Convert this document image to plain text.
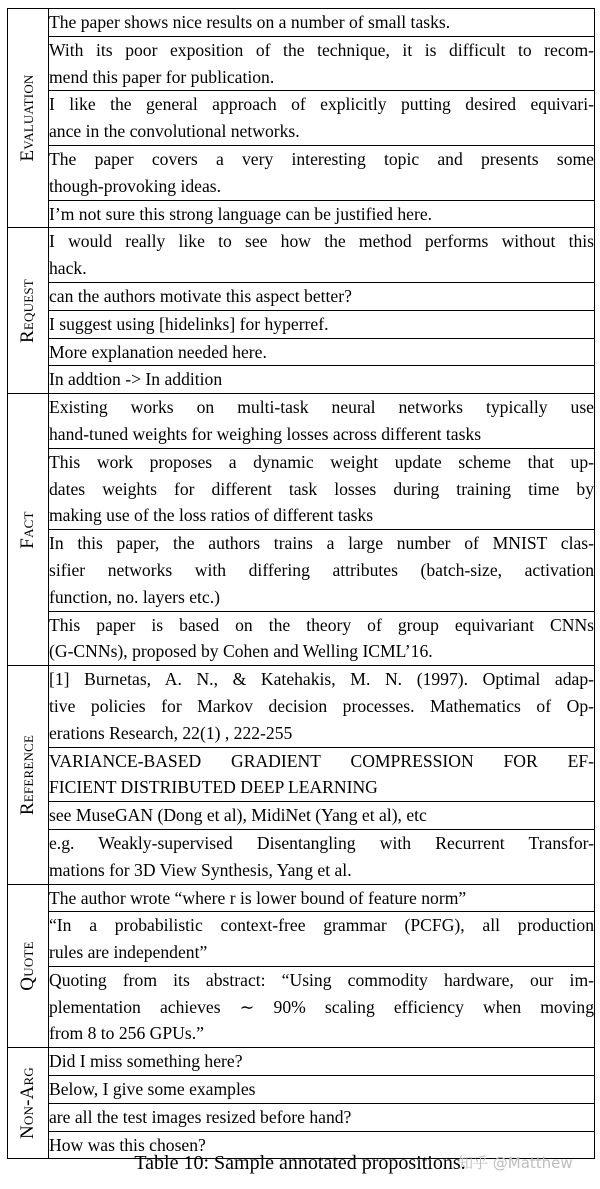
Evaluation	The paper shows nice results on a number of small tasks.

	With its poor exposition of the technique, it is difficult to recom-
mend this paper for publication.

	I like the general approach of explicitly putting desired equivari-
ance in the convolutional networks.

	The paper covers a very interesting topic and presents some
though-provoking ideas.

	I’m not sure this strong language can be justified here.

Request	I would really like to see how the method performs without this
hack.

	can the authors motivate this aspect better?

	I suggest using [hidelinks] for hyperref.

	More explanation needed here.

	In addtion -> In addition

Fact	Existing works on multi-task neural networks typically use
hand-tuned weights for weighing losses across different tasks

	This work proposes a dynamic weight update scheme that up-
dates weights for different task losses during training time by
making use of the loss ratios of different tasks

	In this paper, the authors trains a large number of MNIST clas-
sifier networks with differing attributes (batch-size, activation
function, no. layers etc.)

	This paper is based on the theory of group equivariant CNNs
(G-CNNs), proposed by Cohen and Welling ICML’16.

Reference	[1] Burnetas, A. N., & Katehakis, M. N. (1997). Optimal adap-
tive policies for Markov decision processes. Mathematics of Op-
erations Research, 22(1) , 222-255

	VARIANCE-BASED GRADIENT COMPRESSION FOR EF-
FICIENT DISTRIBUTED DEEP LEARNING

	see MuseGAN (Dong et al), MidiNet (Yang et al), etc

	e.g. Weakly-supervised Disentangling with Recurrent Transfor-
mations for 3D View Synthesis, Yang et al.

Quote	The author wrote “where r is lower bound of feature norm”

	“In a probabilistic context-free grammar (PCFG), all production
rules are independent”

	Quoting from its abstract: “Using commodity hardware, our im-
plementation achieves ∼ 90% scaling efficiency when moving
from 8 to 256 GPUs.”

Non-Arg	Did I miss something here?

	Below, I give some examples

	are all the test images resized before hand?

	How was this chosen?
Table 10: Sample annotated propositions.
知乎 @Matthew
